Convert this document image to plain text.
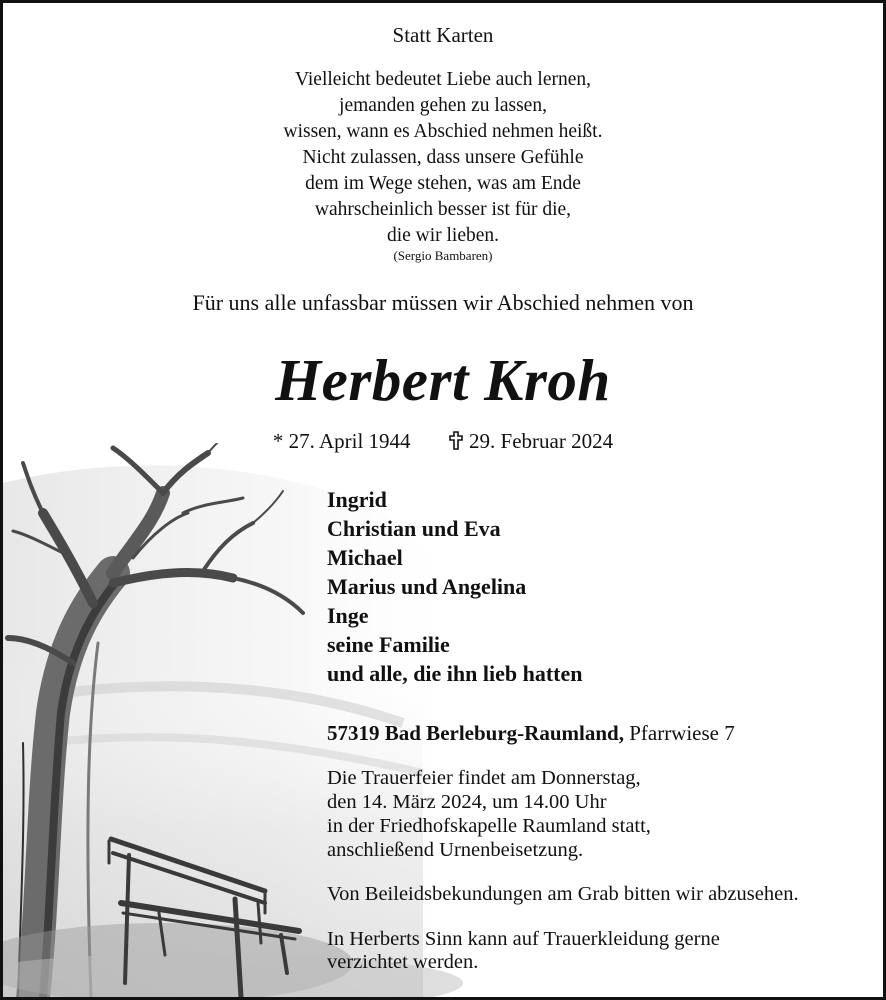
Statt Karten
Vielleicht bedeutet Liebe auch lernen,
jemanden gehen zu lassen,
wissen, wann es Abschied nehmen heißt.
Nicht zulassen, dass unsere Gefühle
dem im Wege stehen, was am Ende
wahrscheinlich besser ist für die,
die wir lieben.
(Sergio Bambaren)
Für uns alle unfassbar müssen wir Abschied nehmen von
Herbert Kroh
* 27. April 1944	29. Februar 2024
Ingrid
Christian und Eva
Michael
Marius und Angelina
Inge
seine Familie
und alle, die ihn lieb hatten
57319 Bad Berleburg-Raumland, Pfarrwiese 7
Die Trauerfeier findet am Donnerstag,
den 14. März 2024, um 14.00 Uhr
in der Friedhofskapelle Raumland statt,
anschließend Urnenbeisetzung.
Von Beileidsbekundungen am Grab bitten wir abzusehen.
In Herberts Sinn kann auf Trauerkleidung gerne
verzichtet werden.
